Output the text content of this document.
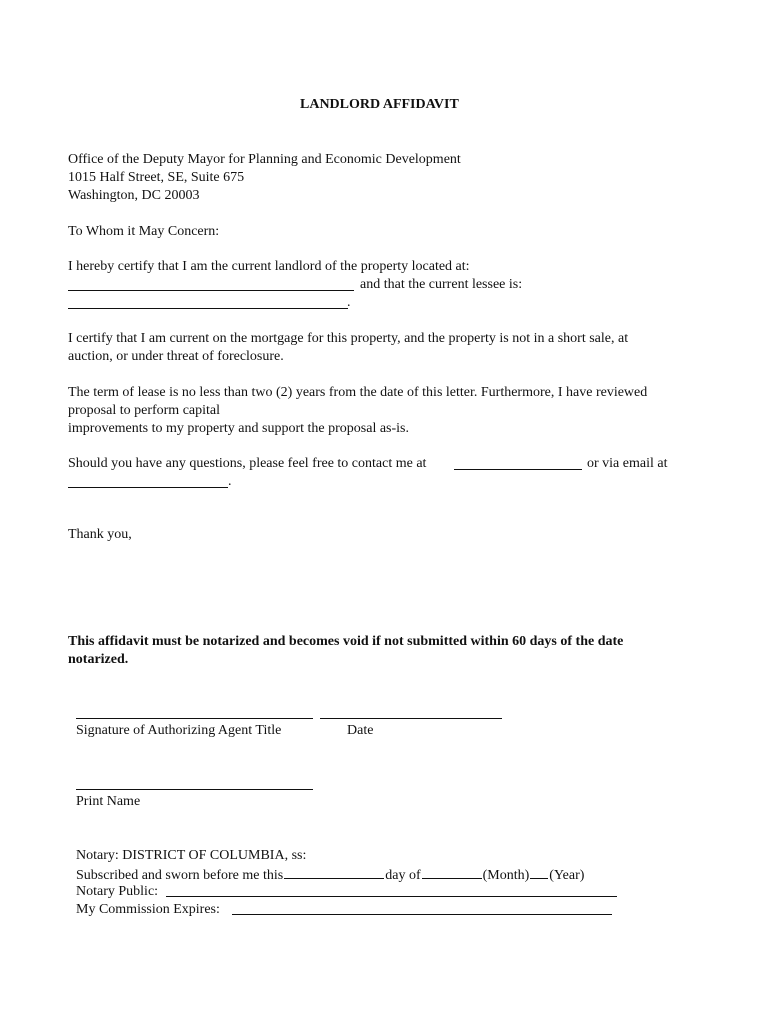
LANDLORD AFFIDAVIT
Office of the Deputy Mayor for Planning and Economic Development
1015 Half Street, SE, Suite 675
Washington, DC 20003
To Whom it May Concern:
I hereby certify that I am the current landlord of the property located at:
and that the current lessee is:
.
I certify that I am current on the mortgage for this property, and the property is not in a short sale, at
auction, or under threat of foreclosure.
The term of lease is no less than two (2) years from the date of this letter. Furthermore, I have reviewed
proposal to perform capital
improvements to my property and support the proposal as-is.
Should you have any questions, please feel free to contact me at	or via email at
.
Thank you,
This affidavit must be notarized and becomes void if not submitted within 60 days of the date
notarized.
Signature of Authorizing Agent Title	Date
Print Name
Notary: DISTRICT OF COLUMBIA, ss:
Subscribed and sworn before me this	day of	(Month) (Year)
Notary Public:
My Commission Expires:
